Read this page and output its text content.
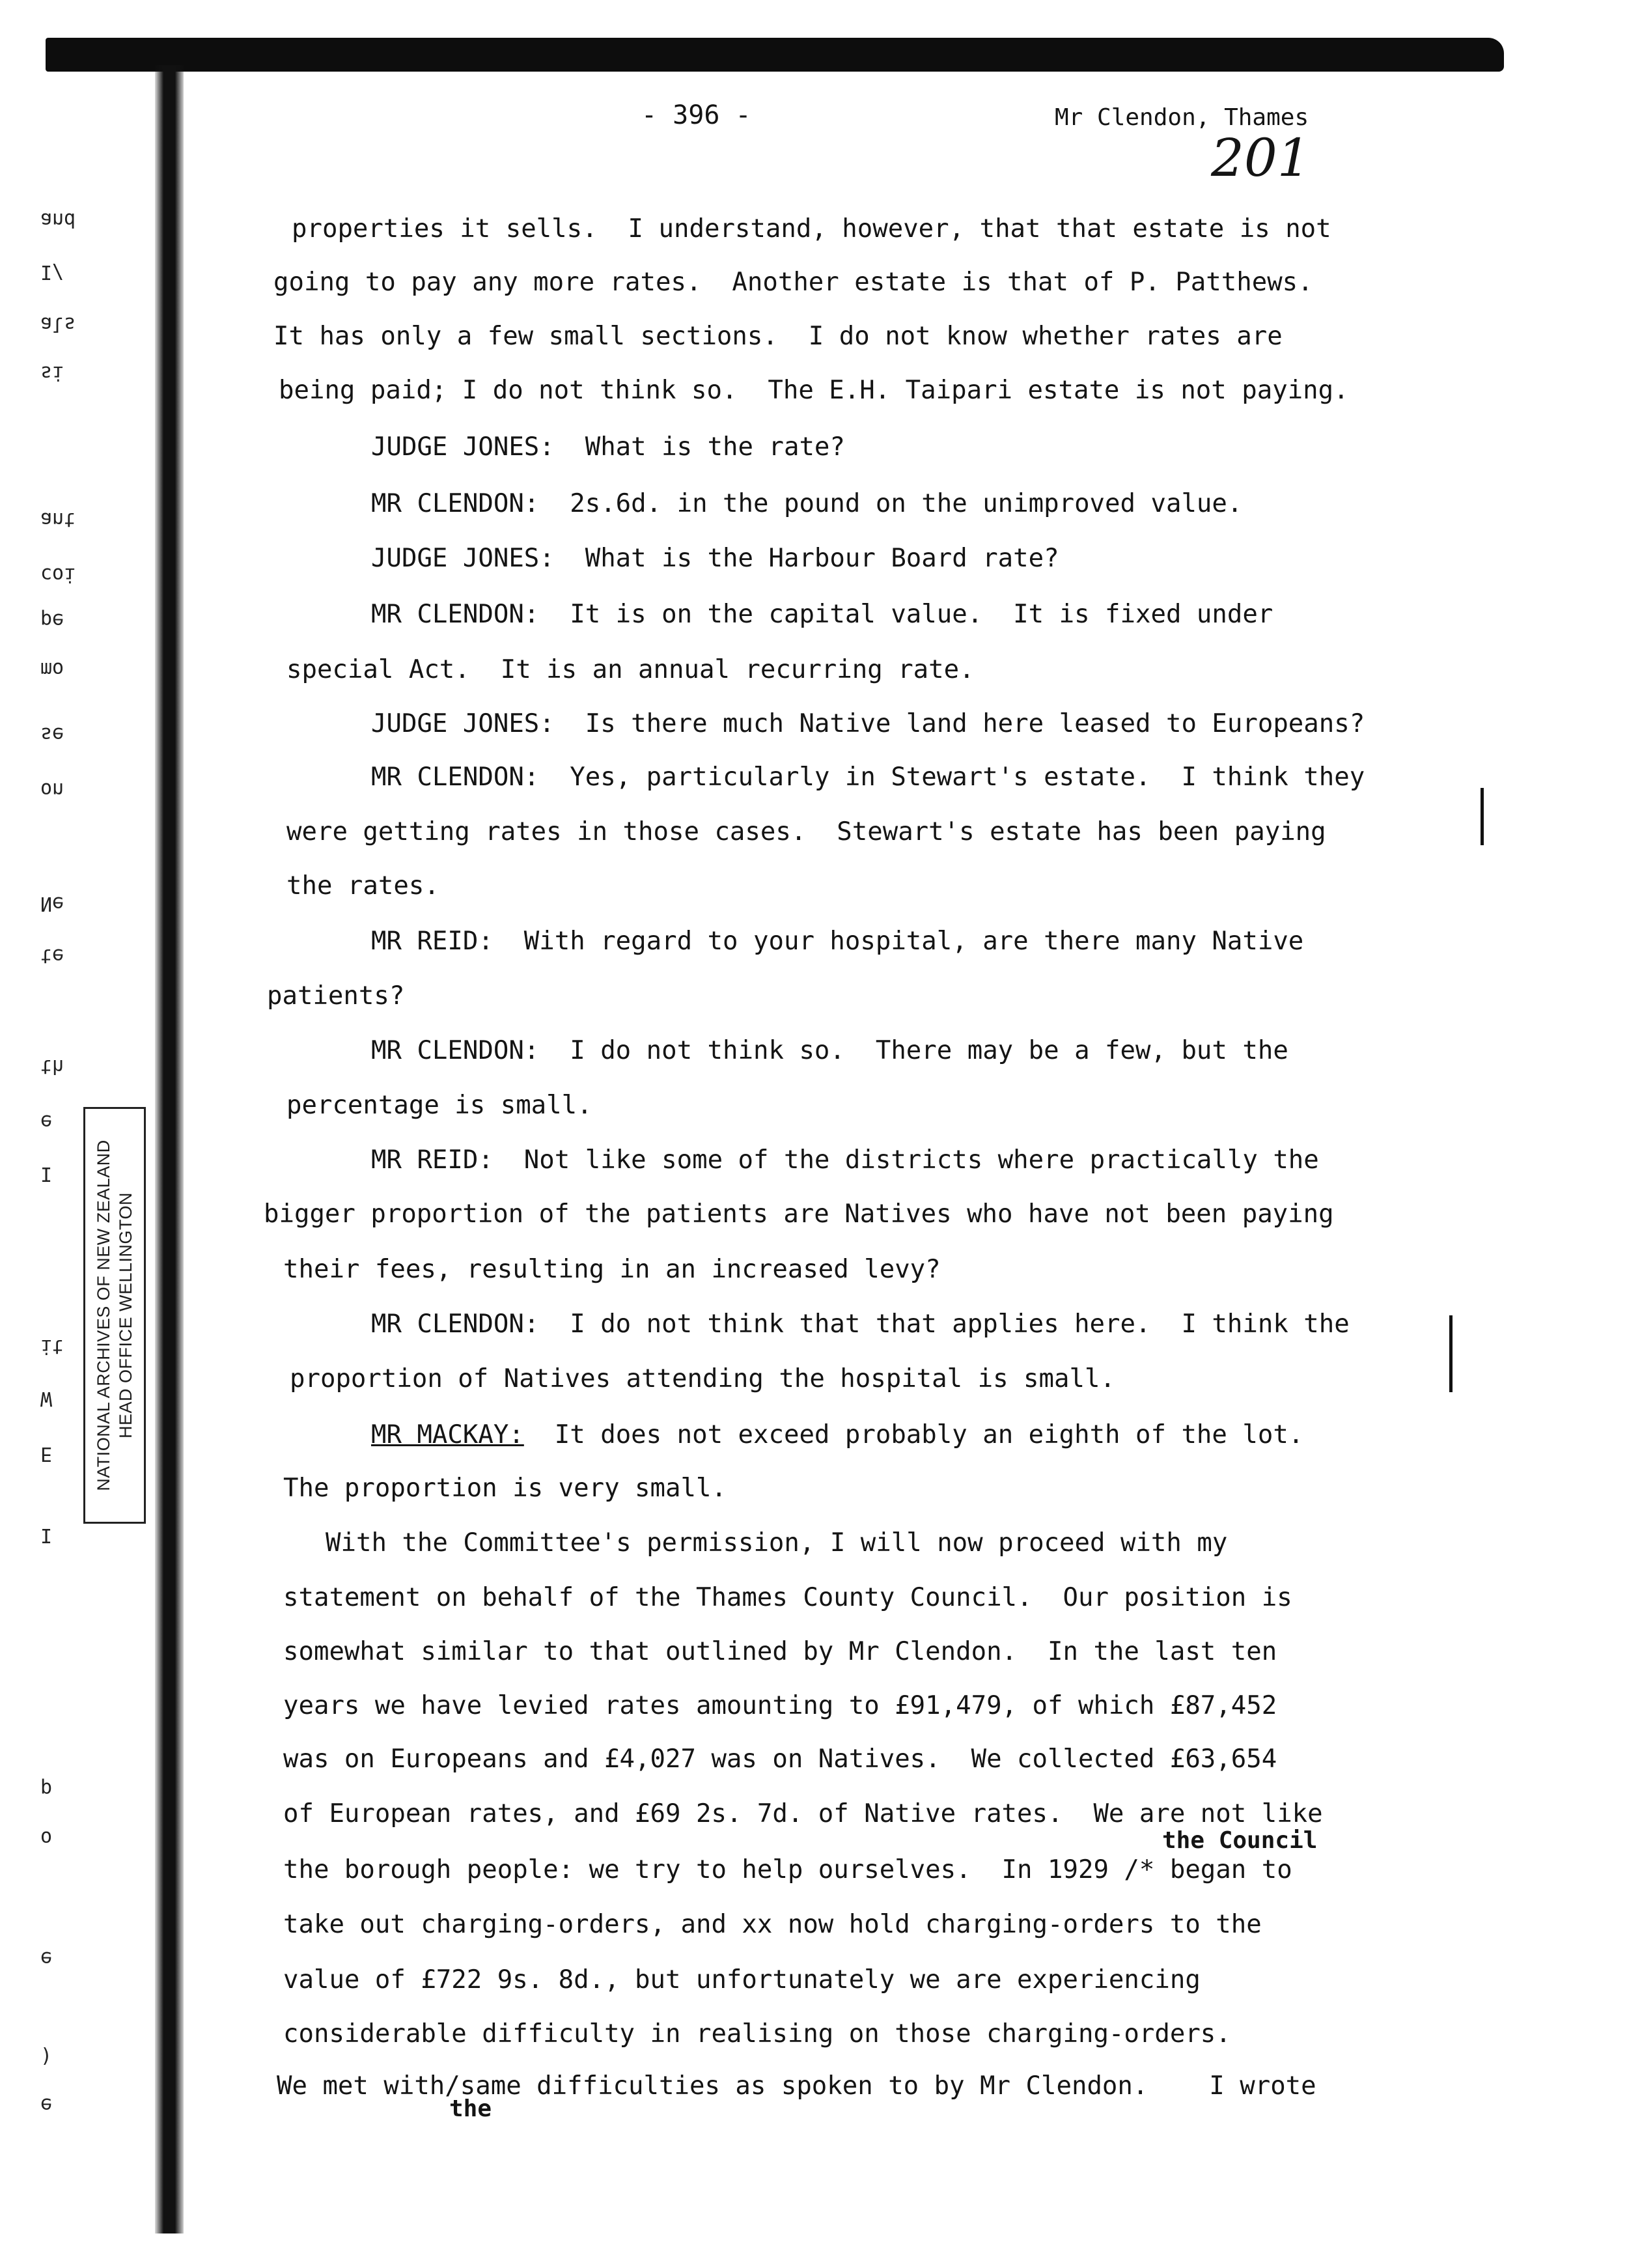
and
I/
als
si
ant
coi
pe
mo
se
on
Ne
te
th
e
I
it
W
E
I
p
o
e
)
e
NATIONAL ARCHIVES OF NEW ZEALAND HEAD OFFICE WELLINGTON
- 396 -	Mr Clendon, Thames
201
properties it sells.  I understand, however, that that estate is not
going to pay any more rates.  Another estate is that of P. Patthews.
It has only a few small sections.  I do not know whether rates are
being paid; I do not think so.  The E.H. Taipari estate is not paying.
JUDGE JONES:  What is the rate?
MR CLENDON:  2s.6d. in the pound on the unimproved value.
JUDGE JONES:  What is the Harbour Board rate?
MR CLENDON:  It is on the capital value.  It is fixed under
special Act.  It is an annual recurring rate.
JUDGE JONES:  Is there much Native land here leased to Europeans?
MR CLENDON:  Yes, particularly in Stewart's estate.  I think they
were getting rates in those cases.  Stewart's estate has been paying
the rates.
MR REID:  With regard to your hospital, are there many Native
patients?
MR CLENDON:  I do not think so.  There may be a few, but the
percentage is small.
MR REID:  Not like some of the districts where practically the
bigger proportion of the patients are Natives who have not been paying
their fees, resulting in an increased levy?
MR CLENDON:  I do not think that that applies here.  I think the
proportion of Natives attending the hospital is small.
MR MACKAY:  It does not exceed probably an eighth of the lot.
The proportion is very small.
With the Committee's permission, I will now proceed with my
statement on behalf of the Thames County Council.  Our position is
somewhat similar to that outlined by Mr Clendon.  In the last ten
years we have levied rates amounting to £91,479, of which £87,452
was on Europeans and £4,027 was on Natives.  We collected £63,654
of European rates, and £69 2s. 7d. of Native rates.  We are not like
the borough people: we try to help ourselves.  In 1929 /* began to
take out charging-orders, and xx now hold charging-orders to the
value of £722 9s. 8d., but unfortunately we are experiencing
considerable difficulty in realising on those charging-orders.
We met with/same difficulties as spoken to by Mr Clendon.    I wrote
the Council
the
